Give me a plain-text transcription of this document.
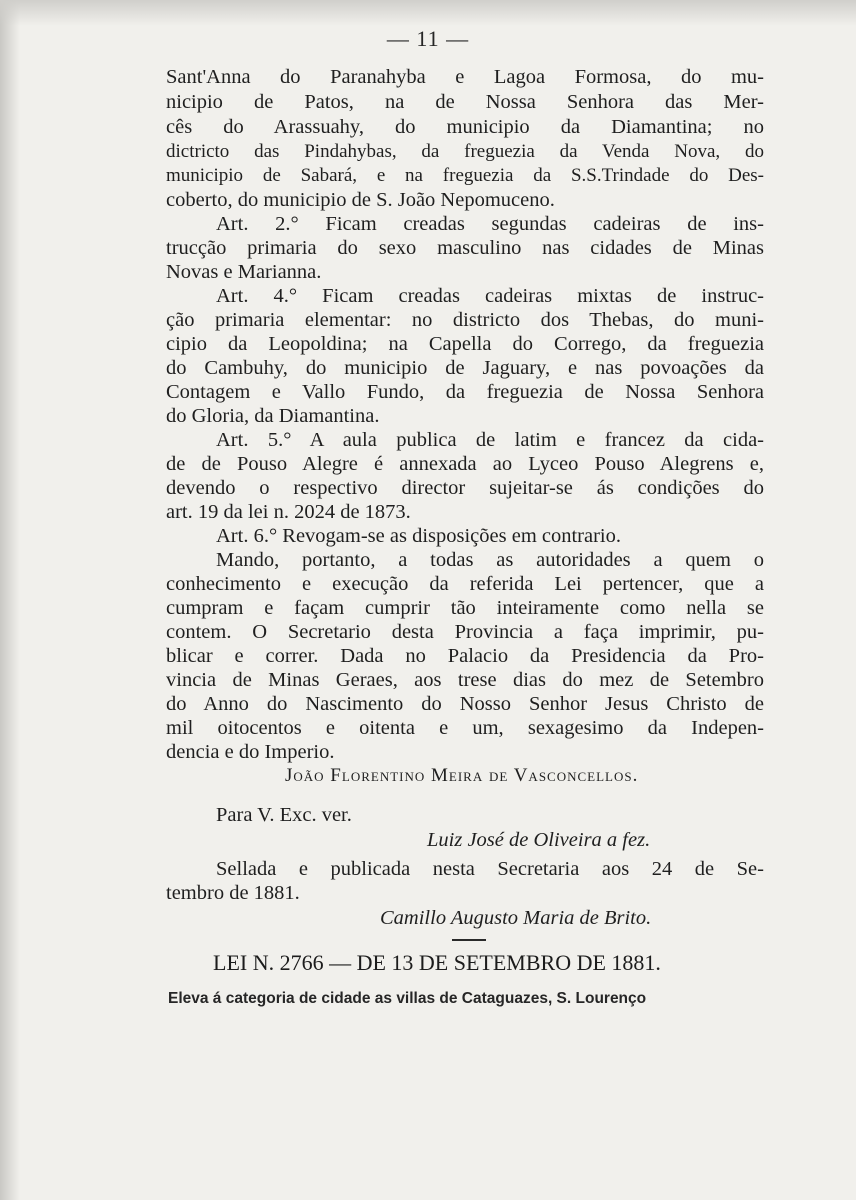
— 11 —
Sant'Anna do Paranahyba e Lagoa Formosa, do mu-
nicipio de Patos, na de Nossa Senhora das Mer-
cês do Arassuahy, do municipio da Diamantina; no
dictricto das Pindahybas, da freguezia da Venda Nova, do
municipio de Sabará, e na freguezia da S.S.Trindade do Des-
coberto, do municipio de S. João Nepomuceno.
Art. 2.° Ficam creadas segundas cadeiras de ins-
trucção primaria do sexo masculino nas cidades de Minas
Novas e Marianna.
Art. 4.° Ficam creadas cadeiras mixtas de instruc-
ção primaria elementar: no districto dos Thebas, do muni-
cipio da Leopoldina; na Capella do Corrego, da freguezia
do Cambuhy, do municipio de Jaguary, e nas povoações da
Contagem e Vallo Fundo, da freguezia de Nossa Senhora
do Gloria, da Diamantina.
Art. 5.° A aula publica de latim e francez da cida-
de de Pouso Alegre é annexada ao Lyceo Pouso Alegrens e,
devendo o respectivo director sujeitar-se ás condições do
art. 19 da lei n. 2024 de 1873.
Art. 6.° Revogam-se as disposições em contrario.
Mando, portanto, a todas as autoridades a quem o
conhecimento e execução da referida Lei pertencer, que a
cumpram e façam cumprir tão inteiramente como nella se
contem. O Secretario desta Provincia a faça imprimir, pu-
blicar e correr. Dada no Palacio da Presidencia da Pro-
vincia de Minas Geraes, aos trese dias do mez de Setembro
do Anno do Nascimento do Nosso Senhor Jesus Christo de
mil oitocentos e oitenta e um, sexagesimo da Indepen-
dencia e do Imperio.
João Florentino Meira de Vasconcellos.
Para V. Exc. ver.
Luiz José de Oliveira a fez.
Sellada e publicada nesta Secretaria aos 24 de Se-
tembro de 1881.
Camillo Augusto Maria de Brito.
LEI N. 2766 — DE 13 DE SETEMBRO DE 1881.
Eleva á categoria de cidade as villas de Cataguazes, S. Lourenço
